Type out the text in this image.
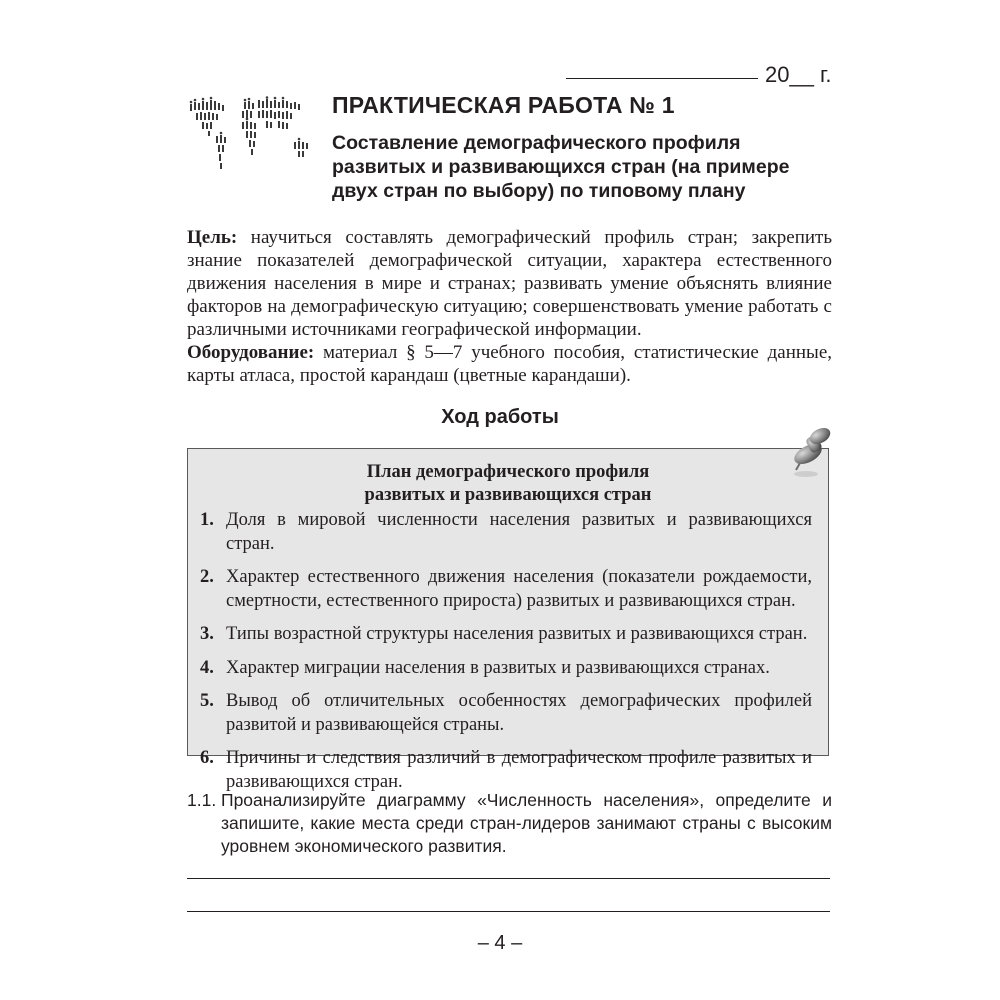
20__ г.
ПРАКТИЧЕСКАЯ РАБОТА № 1
Составление демографического профиля развитых и развивающихся стран (на примере двух стран по выбору) по типовому плану
Цель: научиться составлять демографический профиль стран; закрепить знание показателей демографической ситуации, характера естественного движения населения в мире и странах; развивать умение объяснять влияние факторов на демографическую ситуацию; совершенствовать умение работать с различными источниками географической информации.
Оборудование: материал § 5—7 учебного пособия, статистические данные, карты атласа, простой карандаш (цветные карандаши).
Ход работы
План демографического профиля
развитых и развивающихся стран
1. Доля в мировой численности населения развитых и развивающихся стран.
2. Характер естественного движения населения (показатели рождаемости, смертности, естественного прироста) развитых и развивающихся стран.
3. Типы возрастной структуры населения развитых и развивающихся стран.
4. Характер миграции населения в развитых и развивающихся странах.
5. Вывод об отличительных особенностях демографических профилей развитой и развивающейся страны.
6. Причины и следствия различий в демографическом профиле развитых и развивающихся стран.
1.1. Проанализируйте диаграмму «Численность населения», определите и запишите, какие места среди стран-лидеров занимают страны с высоким уровнем экономического развития.
– 4 –
